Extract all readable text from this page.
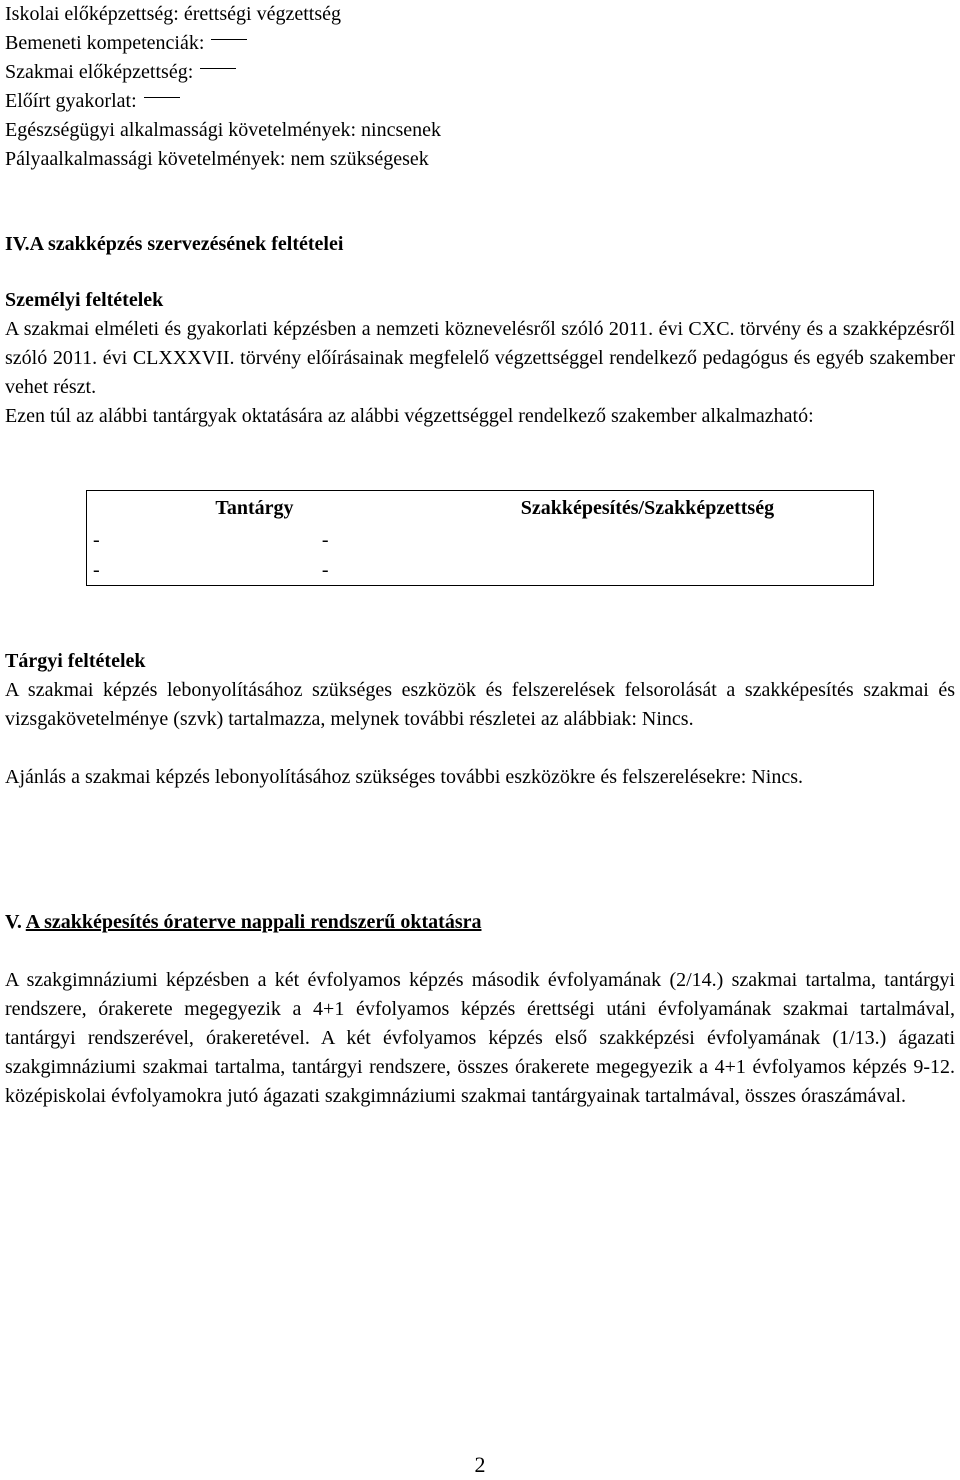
Iskolai előképzettség: érettségi végzettség
Bemeneti kompetenciák:
Szakmai előképzettség:
Előírt gyakorlat:
Egészségügyi alkalmassági követelmények: nincsenek
Pályaalkalmassági követelmények: nem szükségesek
IV.A szakképzés szervezésének feltételei
Személyi feltételek
A szakmai elméleti és gyakorlati képzésben a nemzeti köznevelésről szóló 2011. évi CXC. törvény és a szakképzésről szóló 2011. évi CLXXXVII. törvény előírásainak megfelelő végzettséggel rendelkező pedagógus és egyéb szakember vehet részt.
Ezen túl az alábbi tantárgyak oktatására az alábbi végzettséggel rendelkező szakember alkalmazható:
Tantárgy	Szakképesítés/Szakképzettség
-	-
-	-
Tárgyi feltételek
A szakmai képzés lebonyolításához szükséges eszközök és felszerelések felsorolását a szakképesítés szakmai és vizsgakövetelménye (szvk) tartalmazza, melynek további részletei az alábbiak: Nincs.
Ajánlás a szakmai képzés lebonyolításához szükséges további eszközökre és felszerelésekre: Nincs.
V. A szakképesítés óraterve nappali rendszerű oktatásra
A szakgimnáziumi képzésben a két évfolyamos képzés második évfolyamának (2/14.) szakmai tartalma, tantárgyi rendszere, órakerete megegyezik a 4+1 évfolyamos képzés érettségi utáni évfolyamának szakmai tartalmával, tantárgyi rendszerével, órakeretével. A két évfolyamos képzés első szakképzési évfolyamának (1/13.) ágazati szakgimnáziumi szakmai tartalma, tantárgyi rendszere, összes órakerete megegyezik a 4+1 évfolyamos képzés 9-12. középiskolai évfolyamokra jutó ágazati szakgimnáziumi szakmai tantárgyainak tartalmával, összes óraszámával.
2
